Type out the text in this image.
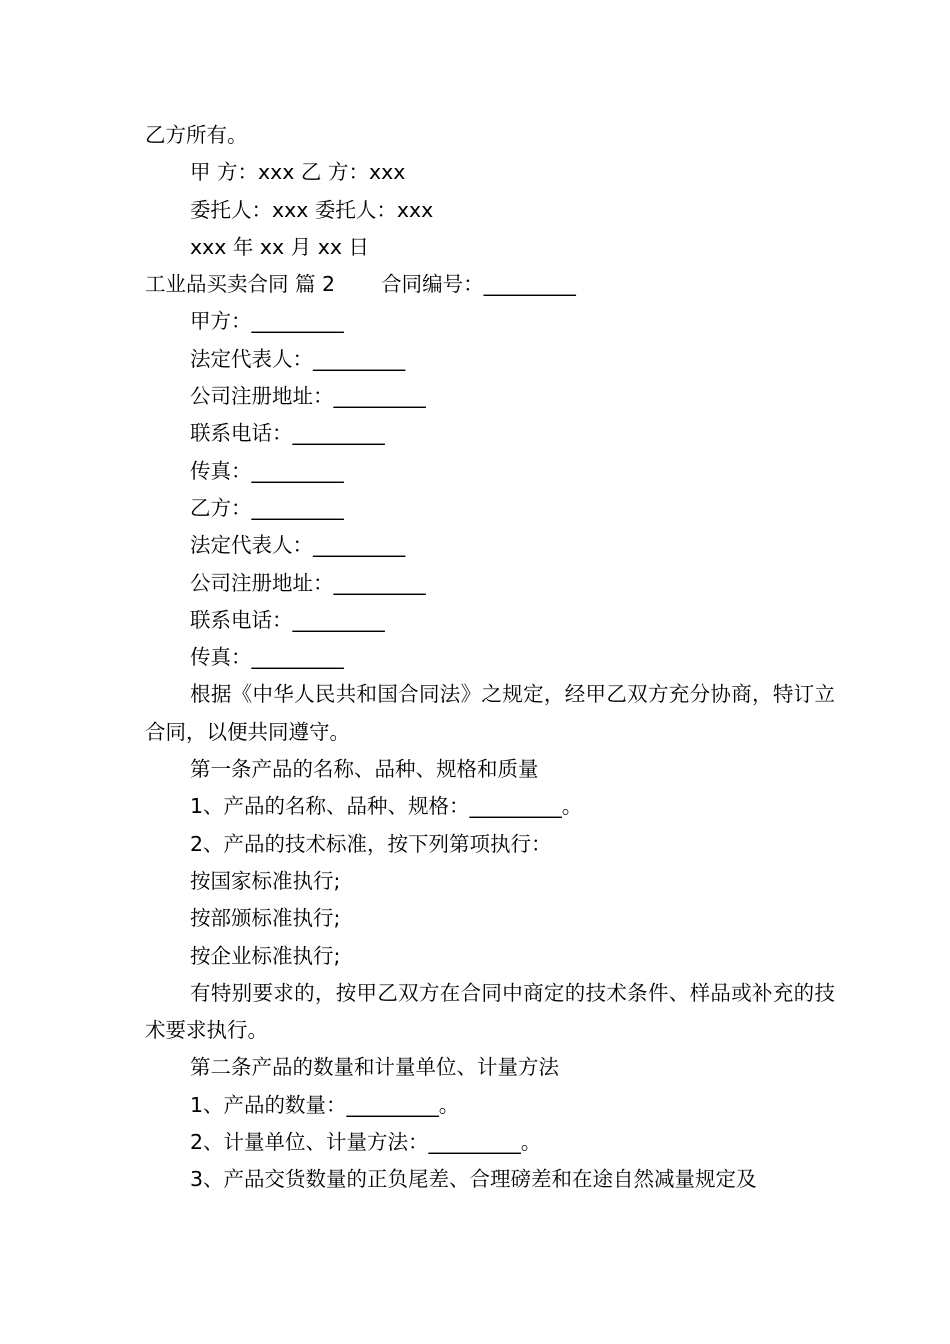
乙方所有。
甲 方：xxx 乙 方：xxx
委托人：xxx 委托人：xxx
xxx 年 xx 月 xx 日
工业品买卖合同 篇 2 合同编号：_________
甲方：_________
法定代表人：_________
公司注册地址：_________
联系电话：_________
传真：_________
乙方：_________
法定代表人：_________
公司注册地址：_________
联系电话：_________
传真：_________
根据《中华人民共和国合同法》之规定，经甲乙双方充分协商，特订立合同，以便共同遵守。
第一条产品的名称、品种、规格和质量
1、产品的名称、品种、规格：_________。
2、产品的技术标准，按下列第项执行：
按国家标准执行;
按部颁标准执行;
按企业标准执行;
有特别要求的，按甲乙双方在合同中商定的技术条件、样品或补充的技术要求执行。
第二条产品的数量和计量单位、计量方法
1、产品的数量：_________。
2、计量单位、计量方法：_________。
3、产品交货数量的正负尾差、合理磅差和在途自然减量规定及
